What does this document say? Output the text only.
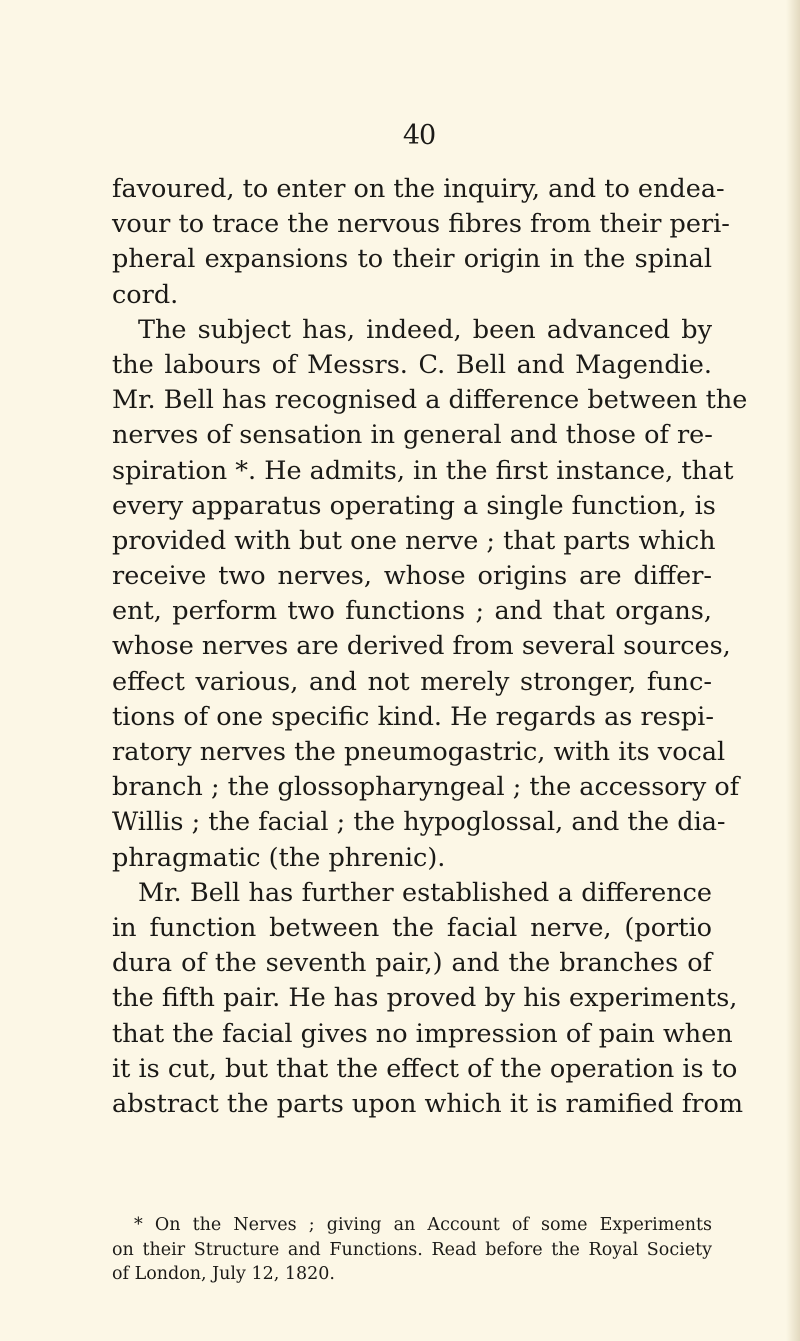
40
favoured, to enter on the inquiry, and to endea-
vour to trace the nervous fibres from their peri-
pheral expansions to their origin in the spinal
cord.
The subject has, indeed, been advanced by
the labours of Messrs. C. Bell and Magendie.
Mr. Bell has recognised a difference between the
nerves of sensation in general and those of re-
spiration *. He admits, in the first instance, that
every apparatus operating a single function, is
provided with but one nerve ; that parts which
receive two nerves, whose origins are differ-
ent, perform two functions ; and that organs,
whose nerves are derived from several sources,
effect various, and not merely stronger, func-
tions of one specific kind. He regards as respi-
ratory nerves the pneumogastric, with its vocal
branch ; the glossopharyngeal ; the accessory of
Willis ; the facial ; the hypoglossal, and the dia-
phragmatic (the phrenic).
Mr. Bell has further established a difference
in function between the facial nerve, (portio
dura of the seventh pair,) and the branches of
the fifth pair. He has proved by his experiments,
that the facial gives no impression of pain when
it is cut, but that the effect of the operation is to
abstract the parts upon which it is ramified from
* On the Nerves ; giving an Account of some Experiments
on their Structure and Functions. Read before the Royal Society
of London, July 12, 1820.
